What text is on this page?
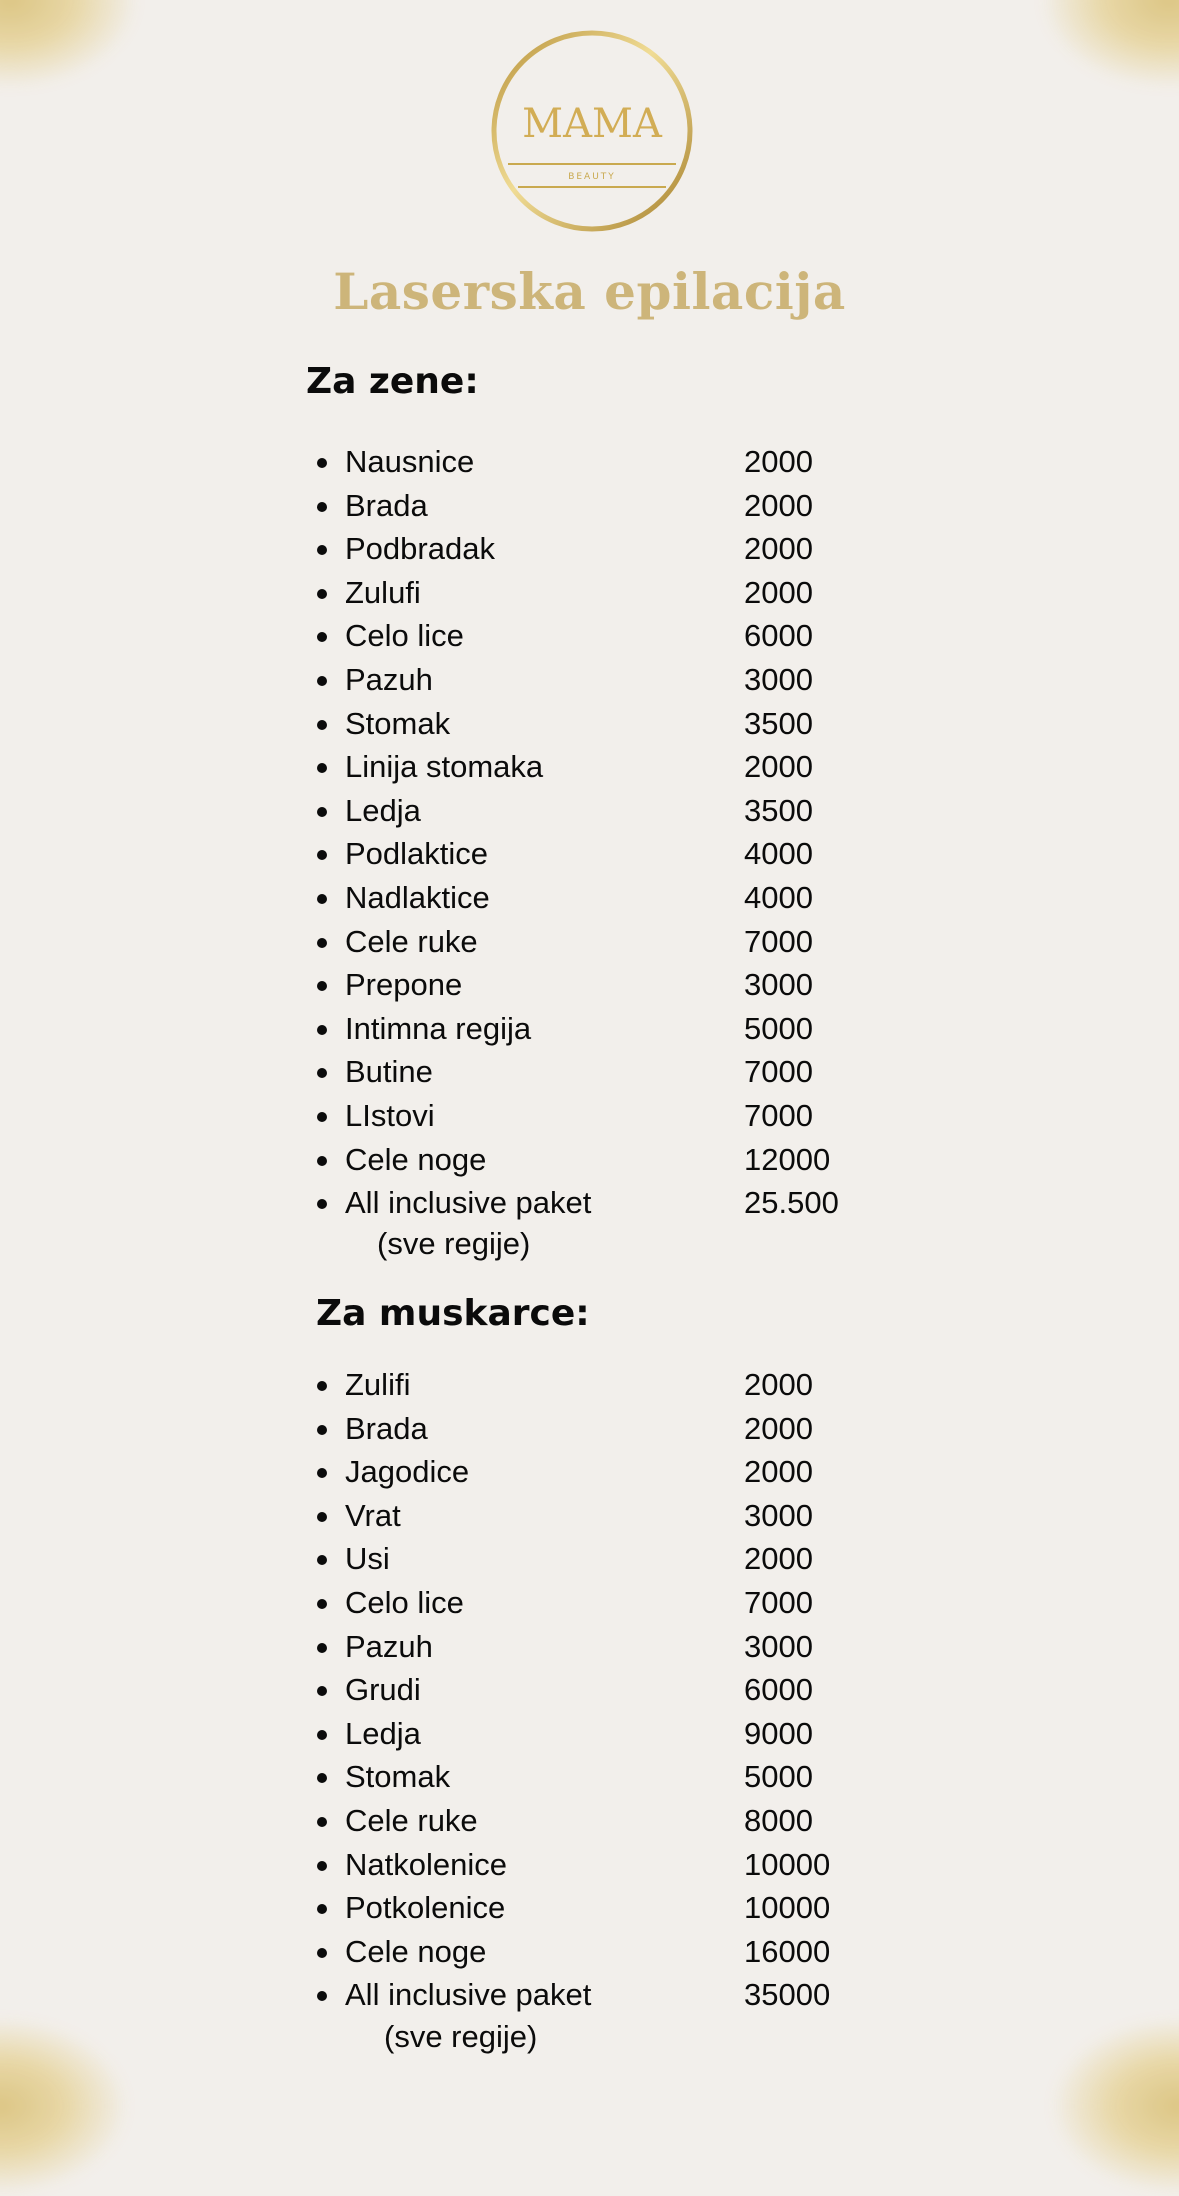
MAMA
BEAUTY
Laserska epilacija
Za zene:
Nausnice	2000
Brada	2000
Podbradak	2000
Zulufi	2000
Celo lice	6000
Pazuh	3000
Stomak	3500
Linija stomaka	2000
Ledja	3500
Podlaktice	4000
Nadlaktice	4000
Cele ruke	7000
Prepone	3000
Intimna regija	5000
Butine	7000
LIstovi	7000
Cele noge	12000
All inclusive paket	25.500
(sve regije)
Za muskarce:
Zulifi	2000
Brada	2000
Jagodice	2000
Vrat	3000
Usi	2000
Celo lice	7000
Pazuh	3000
Grudi	6000
Ledja	9000
Stomak	5000
Cele ruke	8000
Natkolenice	10000
Potkolenice	10000
Cele noge	16000
All inclusive paket	35000
(sve regije)
